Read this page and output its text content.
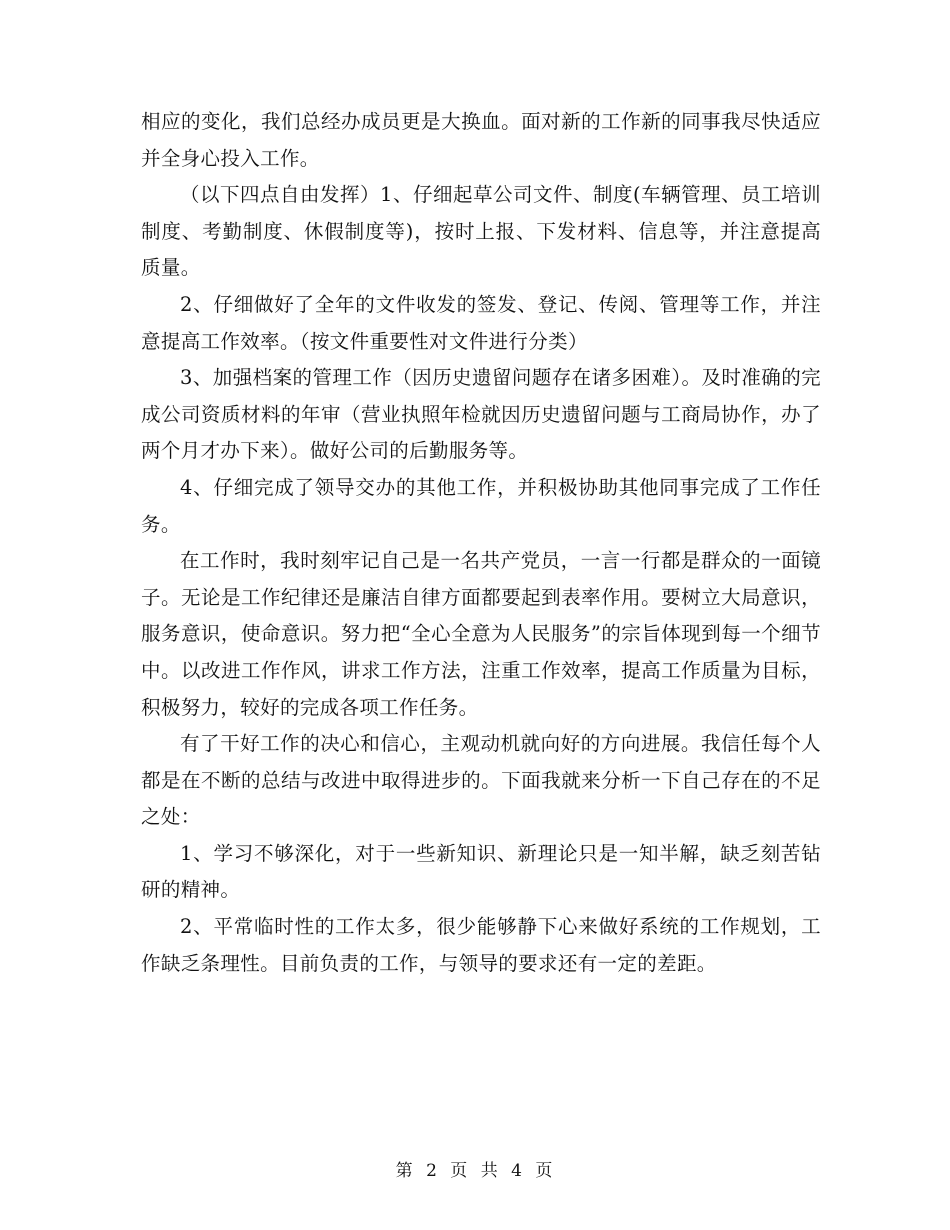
相应的变化，我们总经办成员更是大换血。面对新的工作新的同事我尽快适应并全身心投入工作。

（以下四点自由发挥）1、仔细起草公司文件、制度(车辆管理、员工培训制度、考勤制度、休假制度等)，按时上报、下发材料、信息等，并注意提高质量。

2、仔细做好了全年的文件收发的签发、登记、传阅、管理等工作，并注意提高工作效率。（按文件重要性对文件进行分类）

3、加强档案的管理工作（因历史遗留问题存在诸多困难）。及时准确的完成公司资质材料的年审（营业执照年检就因历史遗留问题与工商局协作，办了两个月才办下来）。做好公司的后勤服务等。

4、仔细完成了领导交办的其他工作，并积极协助其他同事完成了工作任务。

在工作时，我时刻牢记自己是一名共产党员，一言一行都是群众的一面镜子。无论是工作纪律还是廉洁自律方面都要起到表率作用。要树立大局意识，服务意识，使命意识。努力把“全心全意为人民服务”的宗旨体现到每一个细节中。以改进工作作风，讲求工作方法，注重工作效率，提高工作质量为目标，积极努力，较好的完成各项工作任务。

有了干好工作的决心和信心，主观动机就向好的方向进展。我信任每个人都是在不断的总结与改进中取得进步的。下面我就来分析一下自己存在的不足之处：

1、学习不够深化，对于一些新知识、新理论只是一知半解，缺乏刻苦钻研的精神。

2、平常临时性的工作太多，很少能够静下心来做好系统的工作规划，工作缺乏条理性。目前负责的工作，与领导的要求还有一定的差距。

第 2 页 共 4 页
